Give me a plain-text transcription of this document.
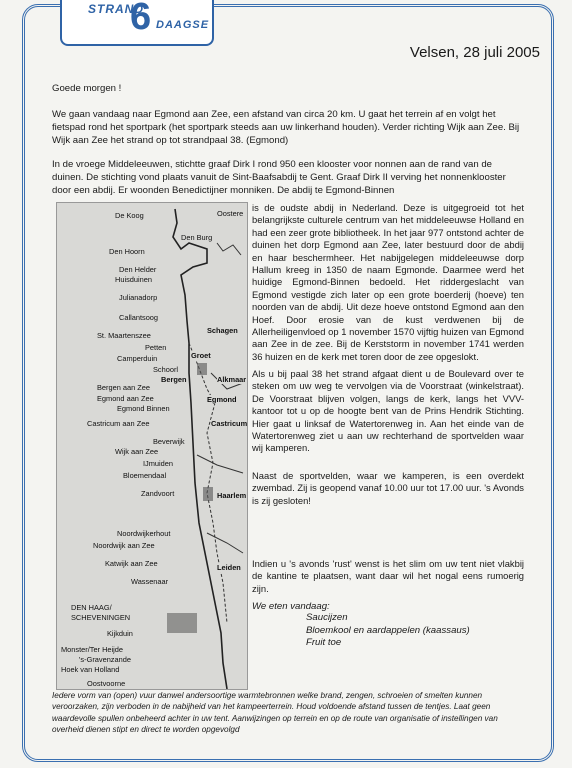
STRAND
6 DAAGSE
Velsen, 28 juli 2005
Goede morgen !
We gaan vandaag naar Egmond aan Zee, een afstand van circa 20 km. U gaat het terrein af en volgt het fietspad rond het sportpark (het sportpark steeds aan uw linkerhand houden). Verder richting Wijk aan Zee. Bij Wijk aan Zee het strand op tot strandpaal 38. (Egmond)
In de vroege Middeleeuwen, stichtte graaf Dirk I rond 950 een klooster voor nonnen aan de rand van de duinen. De stichting vond plaats vanuit de Sint-Baafsabdij te Gent. Graaf Dirk II verving het nonnenklooster door een abdij. Er woonden Benedictijner monniken. De abdij te Egmond-Binnen
De Koog	Oostere
Den Burg
Den Hoorn
Den Helder
Huisduinen
Julianadorp
Callantsoog
St. Maartenszee
Petten
Camperduin
Schoorl
Schagen
Groet
Bergen
Bergen aan Zee
Egmond aan Zee
Egmond Binnen
Alkmaar
Egmond
Castricum aan Zee	Castricum
Beverwijk
Wijk aan Zee
IJmuiden
Bloemendaal
Zandvoort	Haarlem
Noordwijkerhout
Noordwijk aan Zee
Katwijk aan Zee	Leiden
Wassenaar
DEN HAAG/
SCHEVENINGEN
Kijkduin
Monster/Ter Heijde
's-Gravenzande
Hoek van Holland
Oostvoorne
is de oudste abdij in Nederland. Deze is uitgegroeid tot het belangrijkste culturele centrum van het middeleeuwse Holland en had een zeer grote bibliotheek. In het jaar 977 ontstond achter de duinen het dorp Egmond aan Zee, later bestuurd door de abdij en haar beschermheer. Het nabijgelegen middeleeuwse dorp Hallum kreeg in 1350 de naam Egmonde. Daarmee werd het huidige Egmond-Binnen bedoeld. Het riddergeslacht van Egmond vestigde zich later op een grote boerderij (hoeve) ten noorden van de abdij. Uit deze hoeve ontstond Egmond aan den Hoef. Door erosie van de kust verdwenen bij de Allerheiligenvloed op 1 november 1570 vijftig huizen van Egmond aan Zee in de zee. Bij de Kerststorm in november 1741 werden 36 huizen en de kerk met toren door de zee opgeslokt.
Als u bij paal 38 het strand afgaat dient u de Boulevard over te steken om uw weg te vervolgen via de Voorstraat (winkelstraat). De Voorstraat blijven volgen, langs de kerk, langs het VVV-kantoor tot u op de hoogte bent van de Prins Hendrik Stichting. Hier gaat u linksaf de Watertorenweg in. Aan het einde van de Watertorenweg ziet u aan uw rechterhand de sportvelden waar wij kamperen.
Naast de sportvelden, waar we kamperen, is een overdekt zwembad. Zij is geopend vanaf 10.00 uur tot 17.00 uur. 's Avonds is zij gesloten!
Indien u 's avonds 'rust' wenst is het slim om uw tent niet vlakbij de kantine te plaatsen, want daar wil het nogal eens rumoerig zijn.
We eten vandaag:
Saucijzen
Bloemkool en aardappelen (kaassaus)
Fruit toe
Iedere vorm van (open) vuur danwel andersoortige warmtebronnen welke brand, zengen, schroeien of smelten kunnen veroorzaken, zijn verboden in de nabijheid van het kampeerterrein. Houd voldoende afstand tussen de tentjes. Laat geen waardevolle spullen onbeheerd achter in uw tent. Aanwijzingen op terrein en op de route van organisatie of instellingen van overheid dienen stipt en direct te worden opgevolgd
